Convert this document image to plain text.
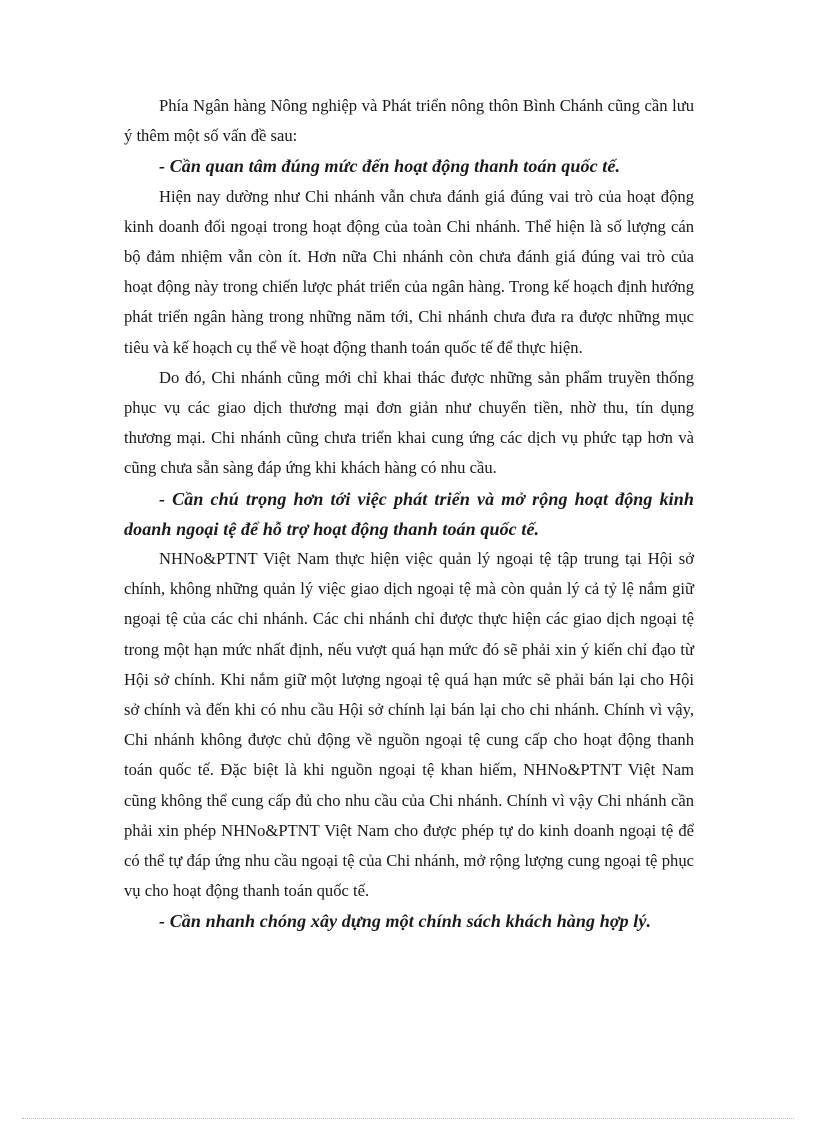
Phía Ngân hàng Nông nghiệp và Phát triển nông thôn Bình Chánh cũng cần lưu ý thêm một số vấn đề sau:

- Cần quan tâm đúng mức đến hoạt động thanh toán quốc tế.

Hiện nay dường như Chi nhánh vẫn chưa đánh giá đúng vai trò của hoạt động kinh doanh đối ngoại trong hoạt động của toàn Chi nhánh. Thể hiện là số lượng cán bộ đảm nhiệm vẫn còn ít. Hơn nữa Chi nhánh còn chưa đánh giá đúng vai trò của hoạt động này trong chiến lược phát triển của ngân hàng. Trong kế hoạch định hướng phát triển ngân hàng trong những năm tới, Chi nhánh chưa đưa ra được những mục tiêu và kế hoạch cụ thể về hoạt động thanh toán quốc tế để thực hiện.

Do đó, Chi nhánh cũng mới chỉ khai thác được những sản phẩm truyền thống phục vụ các giao dịch thương mại đơn giản như chuyển tiền, nhờ thu, tín dụng thương mại. Chi nhánh cũng chưa triển khai cung ứng các dịch vụ phức tạp hơn và cũng chưa sẵn sàng đáp ứng khi khách hàng có nhu cầu.

- Cần chú trọng hơn tới việc phát triển và mở rộng hoạt động kinh doanh ngoại tệ để hỗ trợ hoạt động thanh toán quốc tế.

NHNo&PTNT Việt Nam thực hiện việc quản lý ngoại tệ tập trung tại Hội sở chính, không những quản lý việc giao dịch ngoại tệ mà còn quản lý cả tỷ lệ nắm giữ ngoại tệ của các chi nhánh. Các chi nhánh chỉ được thực hiện các giao dịch ngoại tệ trong một hạn mức nhất định, nếu vượt quá hạn mức đó sẽ phải xin ý kiến chỉ đạo từ Hội sở chính. Khi nắm giữ một lượng ngoại tệ quá hạn mức sẽ phải bán lại cho Hội sở chính và đến khi có nhu cầu Hội sở chính lại bán lại cho chi nhánh. Chính vì vậy, Chi nhánh không được chủ động về nguồn ngoại tệ cung cấp cho hoạt động thanh toán quốc tế. Đặc biệt là khi nguồn ngoại tệ khan hiếm, NHNo&PTNT Việt Nam cũng không thể cung cấp đủ cho nhu cầu của Chi nhánh. Chính vì vậy Chi nhánh cần phải xin phép NHNo&PTNT Việt Nam cho được phép tự do kinh doanh ngoại tệ để có thể tự đáp ứng nhu cầu ngoại tệ của Chi nhánh, mở rộng lượng cung ngoại tệ phục vụ cho hoạt động thanh toán quốc tế.

- Cần nhanh chóng xây dựng một chính sách khách hàng hợp lý.
